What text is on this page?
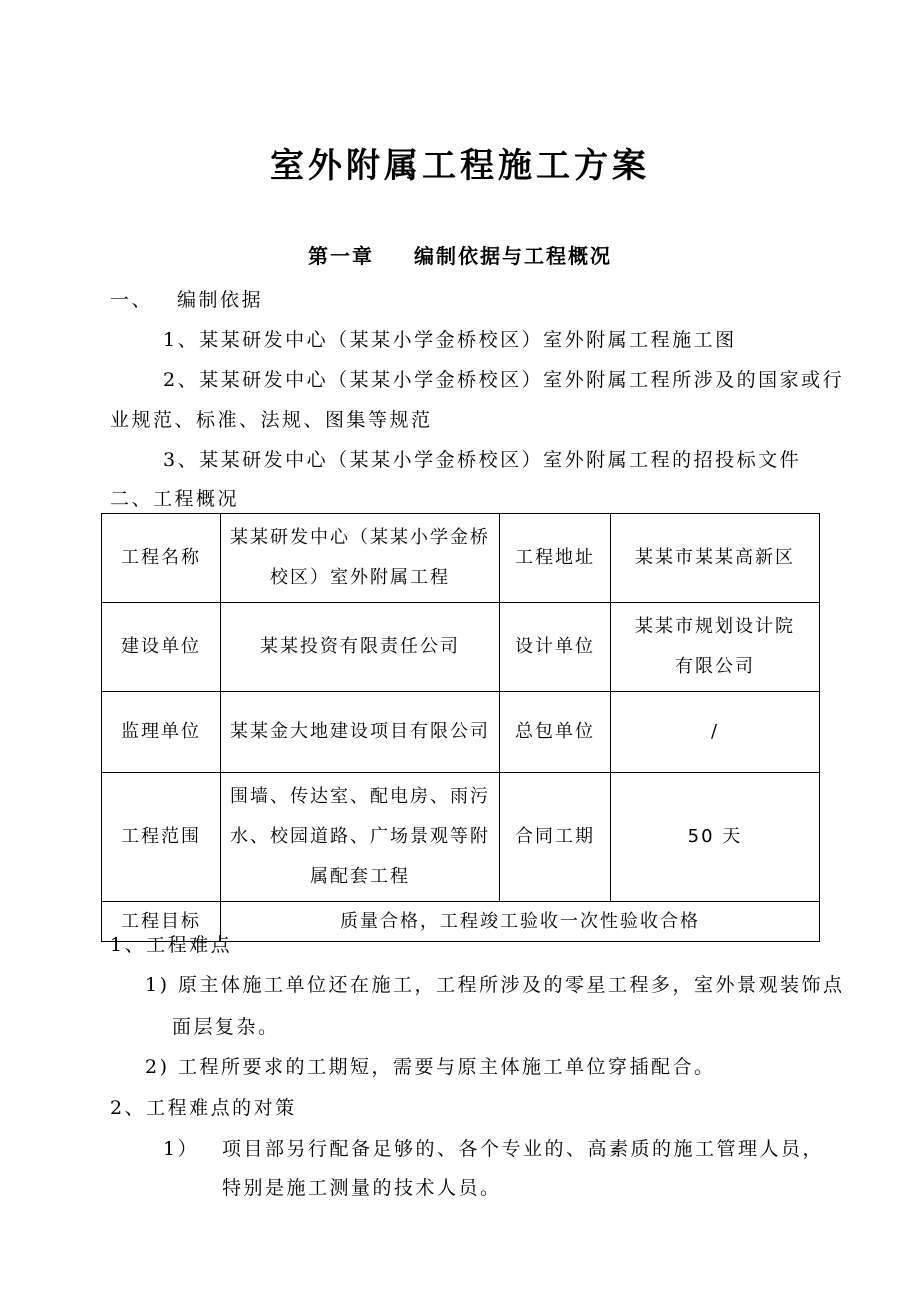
室外附属工程施工方案
第一章 编制依据与工程概况
一、 编制依据
1、某某研发中心（某某小学金桥校区）室外附属工程施工图
2、某某研发中心（某某小学金桥校区）室外附属工程所涉及的国家或行
业规范、标准、法规、图集等规范
3、某某研发中心（某某小学金桥校区）室外附属工程的招投标文件
二、工程概况
工程名称	某某研发中心（某某小学金桥校区）室外附属工程	工程地址	某某市某某高新区
建设单位	某某投资有限责任公司	设计单位	某某市规划设计院有限公司
监理单位	某某金大地建设项目有限公司	总包单位	/
工程范围	围墙、传达室、配电房、雨污水、校园道路、广场景观等附属配套工程	合同工期	50 天
工程目标	质量合格，工程竣工验收一次性验收合格		
1、工程难点
1) 原主体施工单位还在施工，工程所涉及的零星工程多，室外景观装饰点
面层复杂。
2) 工程所要求的工期短，需要与原主体施工单位穿插配合。
2、工程难点的对策
1） 项目部另行配备足够的、各个专业的、高素质的施工管理人员，
特别是施工测量的技术人员。
